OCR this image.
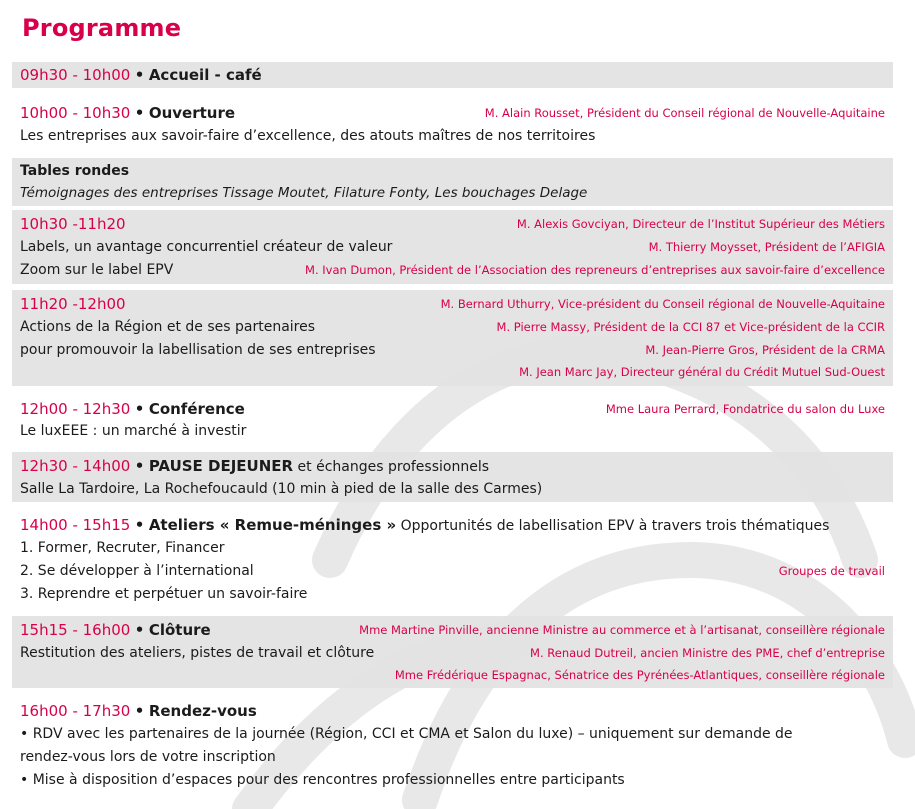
Programme
09h30 - 10h00 • Accueil - café
10h00 - 10h30 • Ouverture	M. Alain Rousset, Président du Conseil régional de Nouvelle-Aquitaine
Les entreprises aux savoir-faire d’excellence, des atouts maîtres de nos territoires
Tables rondes
Témoignages des entreprises Tissage Moutet, Filature Fonty, Les bouchages Delage
10h30 -11h20	M. Alexis Govciyan, Directeur de l’Institut Supérieur des Métiers
Labels, un avantage concurrentiel créateur de valeur	M. Thierry Moysset, Président de l’AFIGIA
Zoom sur le label EPV	M. Ivan Dumon, Président de l’Association des repreneurs d’entreprises aux savoir-faire d’excellence
11h20 -12h00	M. Bernard Uthurry, Vice-président du Conseil régional de Nouvelle-Aquitaine
Actions de la Région et de ses partenaires	M. Pierre Massy, Président de la CCI 87 et Vice-président de la CCIR
pour promouvoir la labellisation de ses entreprises	M. Jean-Pierre Gros, Président de la CRMA
M. Jean Marc Jay, Directeur général du Crédit Mutuel Sud-Ouest
12h00 - 12h30 • Conférence	Mme Laura Perrard, Fondatrice du salon du Luxe
Le luxEEE : un marché à investir
12h30 - 14h00 • PAUSE DEJEUNER et échanges professionnels
Salle La Tardoire, La Rochefoucauld (10 min à pied de la salle des Carmes)
14h00 - 15h15 • Ateliers « Remue-méninges » Opportunités de labellisation EPV à travers trois thématiques
1. Former, Recruter, Financer
2. Se développer à l’international	Groupes de travail
3. Reprendre et perpétuer un savoir-faire
15h15 - 16h00 • Clôture	Mme Martine Pinville, ancienne Ministre au commerce et à l’artisanat, conseillère régionale
Restitution des ateliers, pistes de travail et clôture	M. Renaud Dutreil, ancien Ministre des PME, chef d’entreprise
Mme Frédérique Espagnac, Sénatrice des Pyrénées-Atlantiques, conseillère régionale
16h00 - 17h30 • Rendez-vous
• RDV avec les partenaires de la journée (Région, CCI et CMA et Salon du luxe) – uniquement sur demande de
rendez-vous lors de votre inscription
• Mise à disposition d’espaces pour des rencontres professionnelles entre participants
